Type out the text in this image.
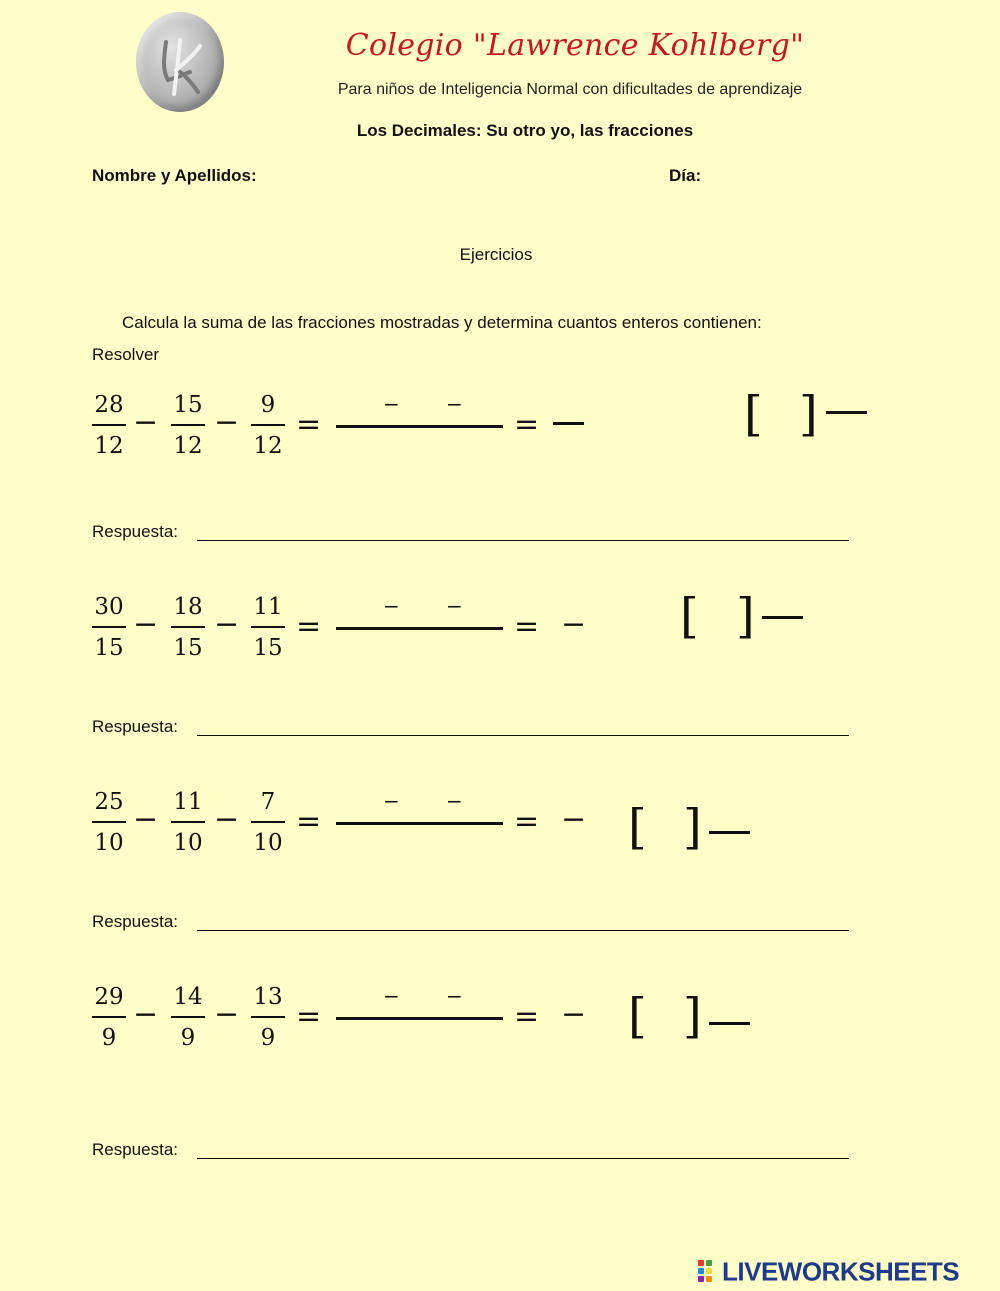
Colegio "Lawrence Kohlberg"
Para niños de Inteligencia Normal con dificultades de aprendizaje
Los Decimales: Su otro yo, las fracciones
Nombre y Apellidos:	Día:
Ejercicios
Calcula la suma de las fracciones mostradas y determina cuantos enteros contienen:
Resolver
28
12
− 15
12
− 9
12
=
− −
=	[ ]
Respuesta:
30
15
− 18
15
− 11
15
=
− −
= − [ ]
Respuesta:
25
10
− 11
10
− 7
10
=
− −
= − [ ]
Respuesta:
29
9
− 14
9
− 13
9
=
− −
= − [ ]
Respuesta:
LIVEWORKSHEETS
